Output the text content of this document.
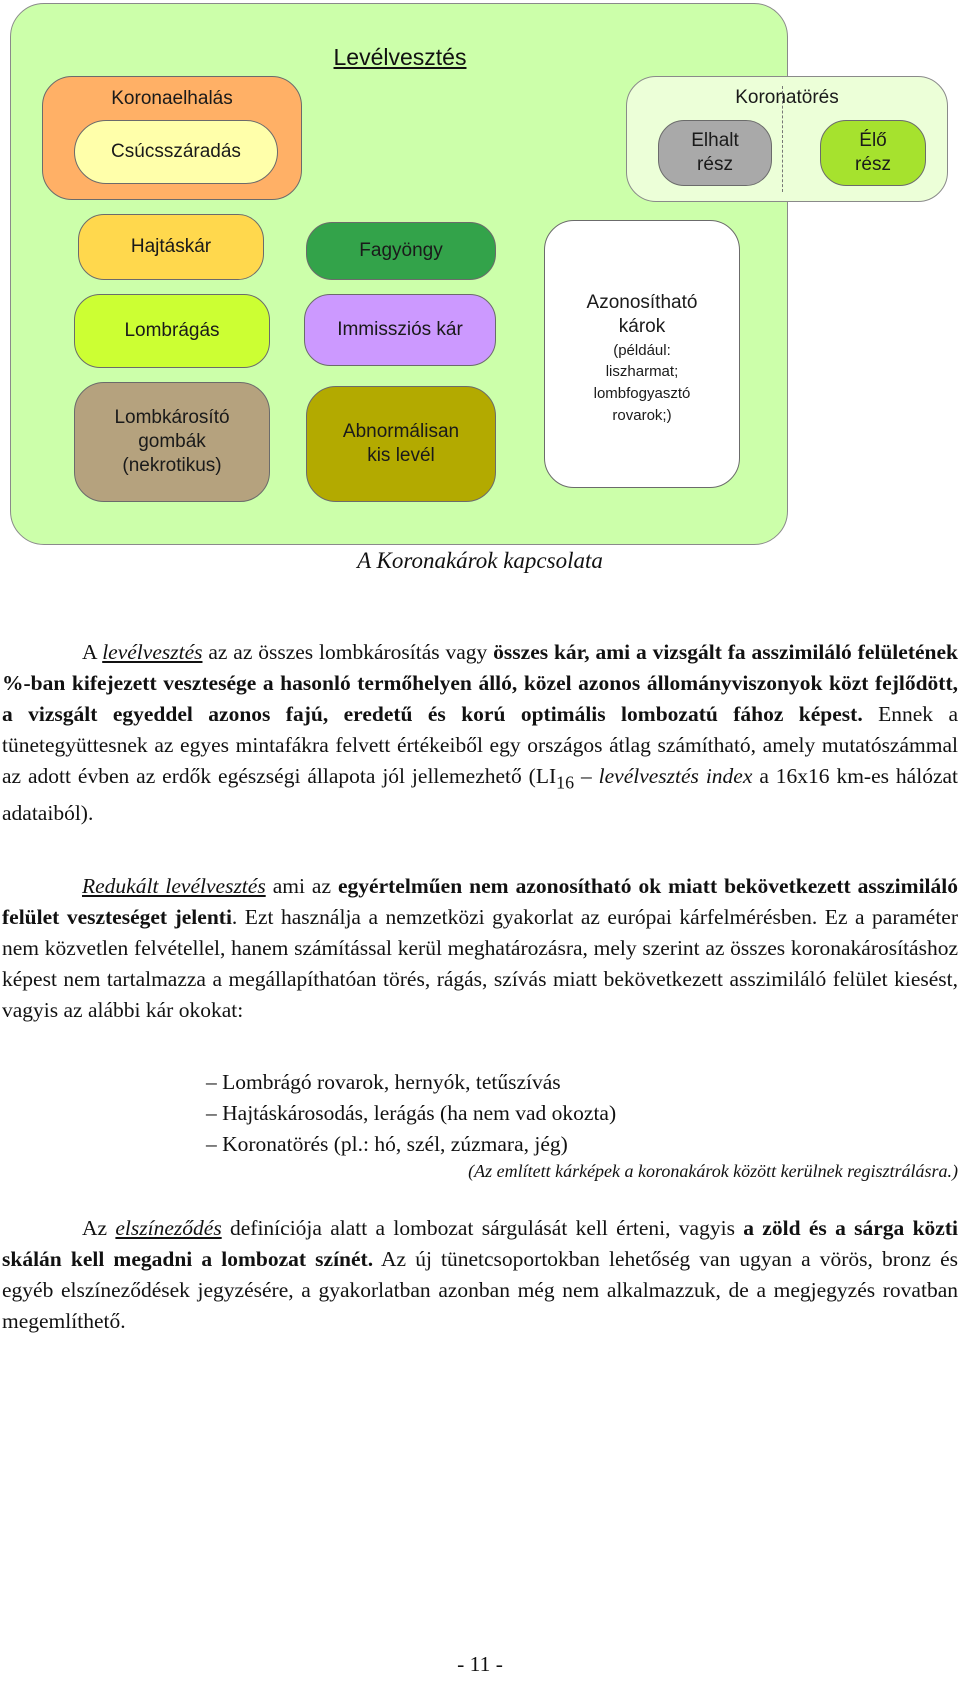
Levélvesztés
Koronaelhalás
Csúcsszáradás
Koronatörés
Elhalt
rész
Élő
rész
Hajtáskár
Lombrágás
Lombkárosító
gombák
(nekrotikus)
Fagyöngy
Immissziós kár
Abnormálisan
kis levél
Azonosítható
károk
(például:
liszharmat;
lombfogyasztó
rovarok;)
A Koronakárok kapcsolata

A levélvesztés az az összes lombkárosítás vagy összes kár, ami a vizsgált fa asszimiláló felületének %-ban kifejezett vesztesége a hasonló termőhelyen álló, közel azonos állományviszonyok közt fejlődött, a vizsgált egyeddel azonos fajú, eredetű és korú optimális lombozatú fához képest. Ennek a tünetegyüttesnek az egyes mintafákra felvett értékeiből egy országos átlag számítható, amely mutatószámmal az adott évben az erdők egészségi állapota jól jellemezhető ($LI_{16}$ – levélvesztés index a 16x16 km-es hálózat adataiból).

Redukált levélvesztés ami az egyértelműen nem azonosítható ok miatt bekövetkezett asszimiláló felület veszteséget jelenti. Ezt használja a nemzetközi gyakorlat az európai kárfelmérésben. Ez a paraméter nem közvetlen felvétellel, hanem számítással kerül meghatározásra, mely szerint az összes koronakárosításhoz képest nem tartalmazza a megállapíthatóan törés, rágás, szívás miatt bekövetkezett asszimiláló felület kiesést, vagyis az alábbi kár okokat:

– Lombrágó rovarok, hernyók, tetűszívás
– Hajtáskárosodás, lerágás (ha nem vad okozta)
– Koronatörés (pl.: hó, szél, zúzmara, jég)
(Az említett kárképek a koronakárok között kerülnek regisztrálásra.)

Az elszíneződés definíciója alatt a lombozat sárgulását kell érteni, vagyis a zöld és a sárga közti skálán kell megadni a lombozat színét. Az új tünetcsoportokban lehetőség van ugyan a vörös, bronz és egyéb elszíneződések jegyzésére, a gyakorlatban azonban még nem alkalmazzuk, de a megjegyzés rovatban megemlíthető.

- 11 -
